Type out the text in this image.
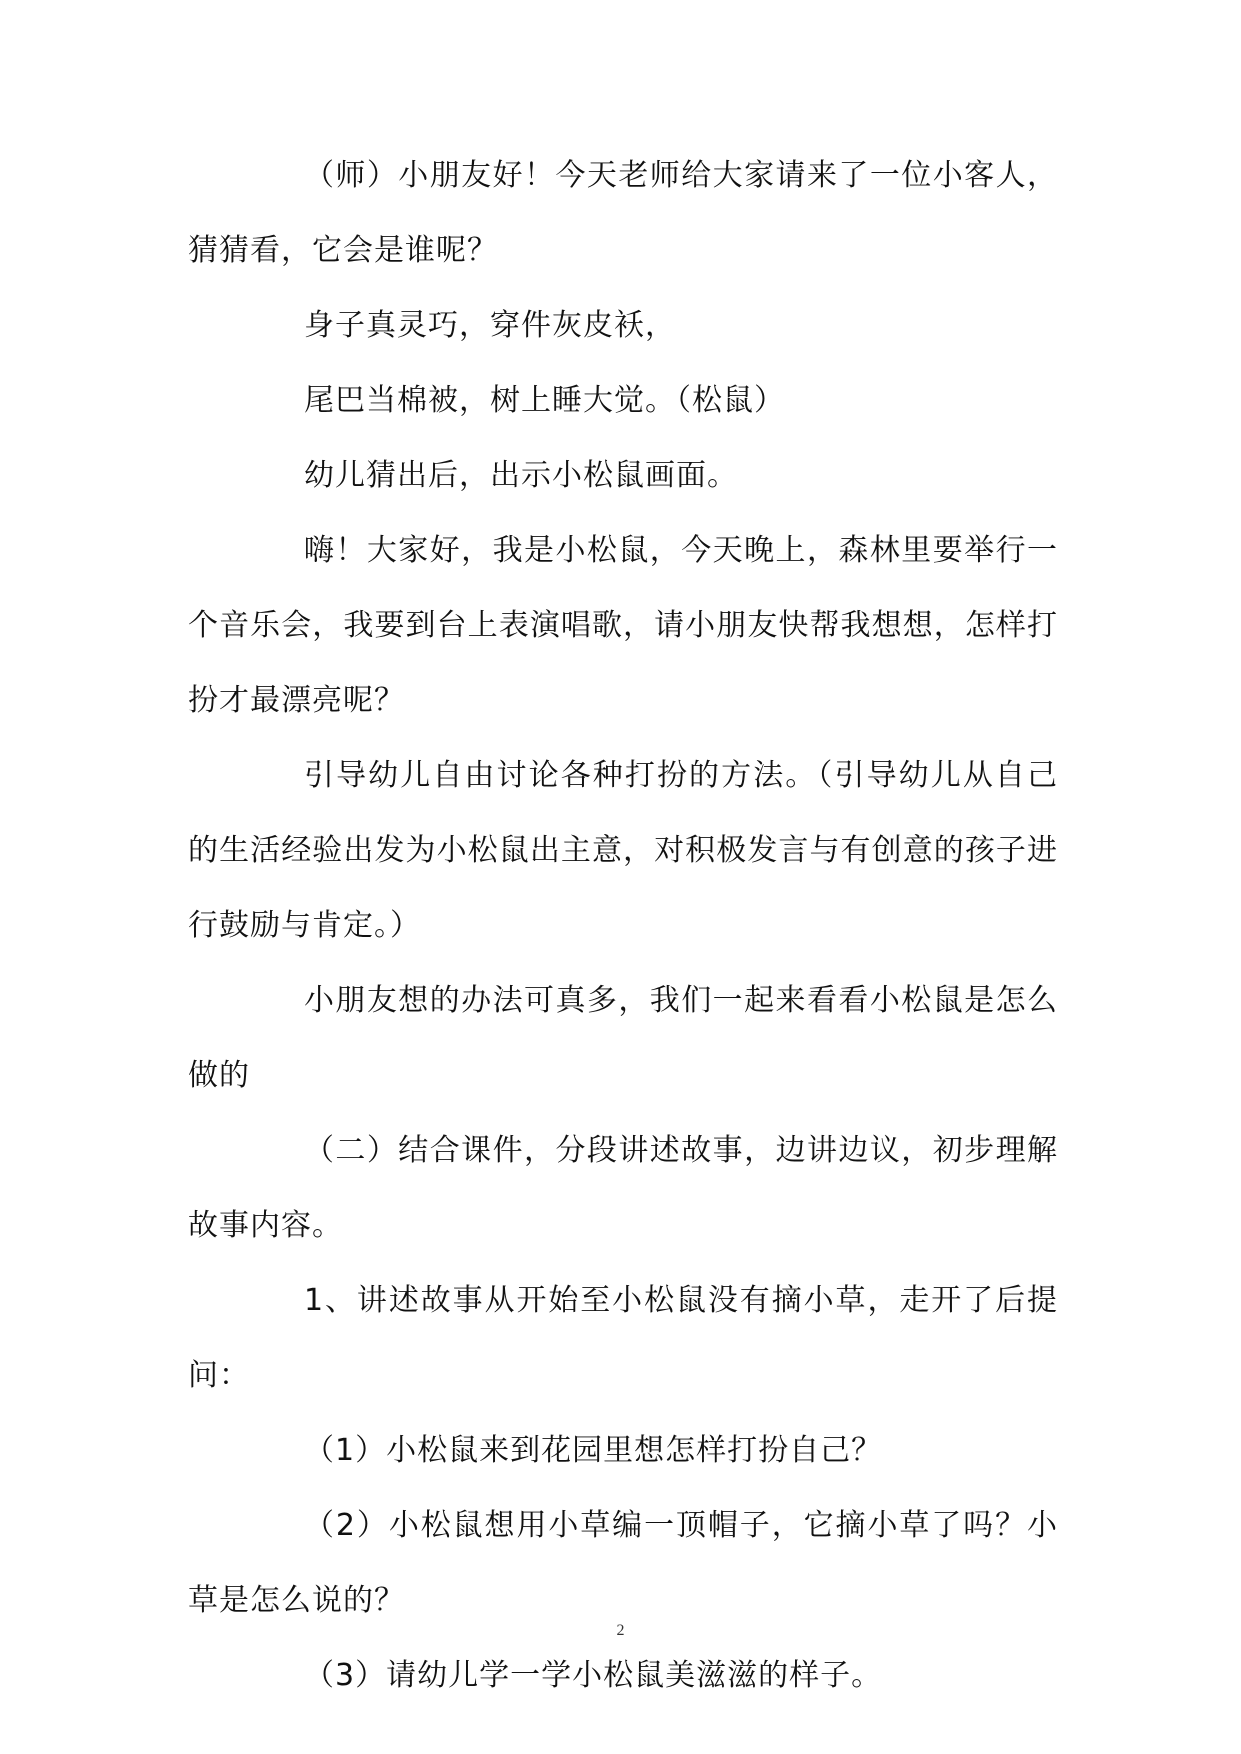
（师）小朋友好！今天老师给大家请来了一位小客人，猜猜看，它会是谁呢？

身子真灵巧，穿件灰皮袄，

尾巴当棉被，树上睡大觉。（松鼠）

幼儿猜出后，出示小松鼠画面。

嗨！大家好，我是小松鼠，今天晚上，森林里要举行一个音乐会，我要到台上表演唱歌，请小朋友快帮我想想，怎样打扮才最漂亮呢？

引导幼儿自由讨论各种打扮的方法。（引导幼儿从自己的生活经验出发为小松鼠出主意，对积极发言与有创意的孩子进行鼓励与肯定。）

小朋友想的办法可真多，我们一起来看看小松鼠是怎么做的

（二）结合课件，分段讲述故事，边讲边议，初步理解故事内容。

1、讲述故事从开始至小松鼠没有摘小草，走开了后提问：

（1）小松鼠来到花园里想怎样打扮自己？

（2）小松鼠想用小草编一顶帽子，它摘小草了吗？小草是怎么说的？

（3）请幼儿学一学小松鼠美滋滋的样子。

2
